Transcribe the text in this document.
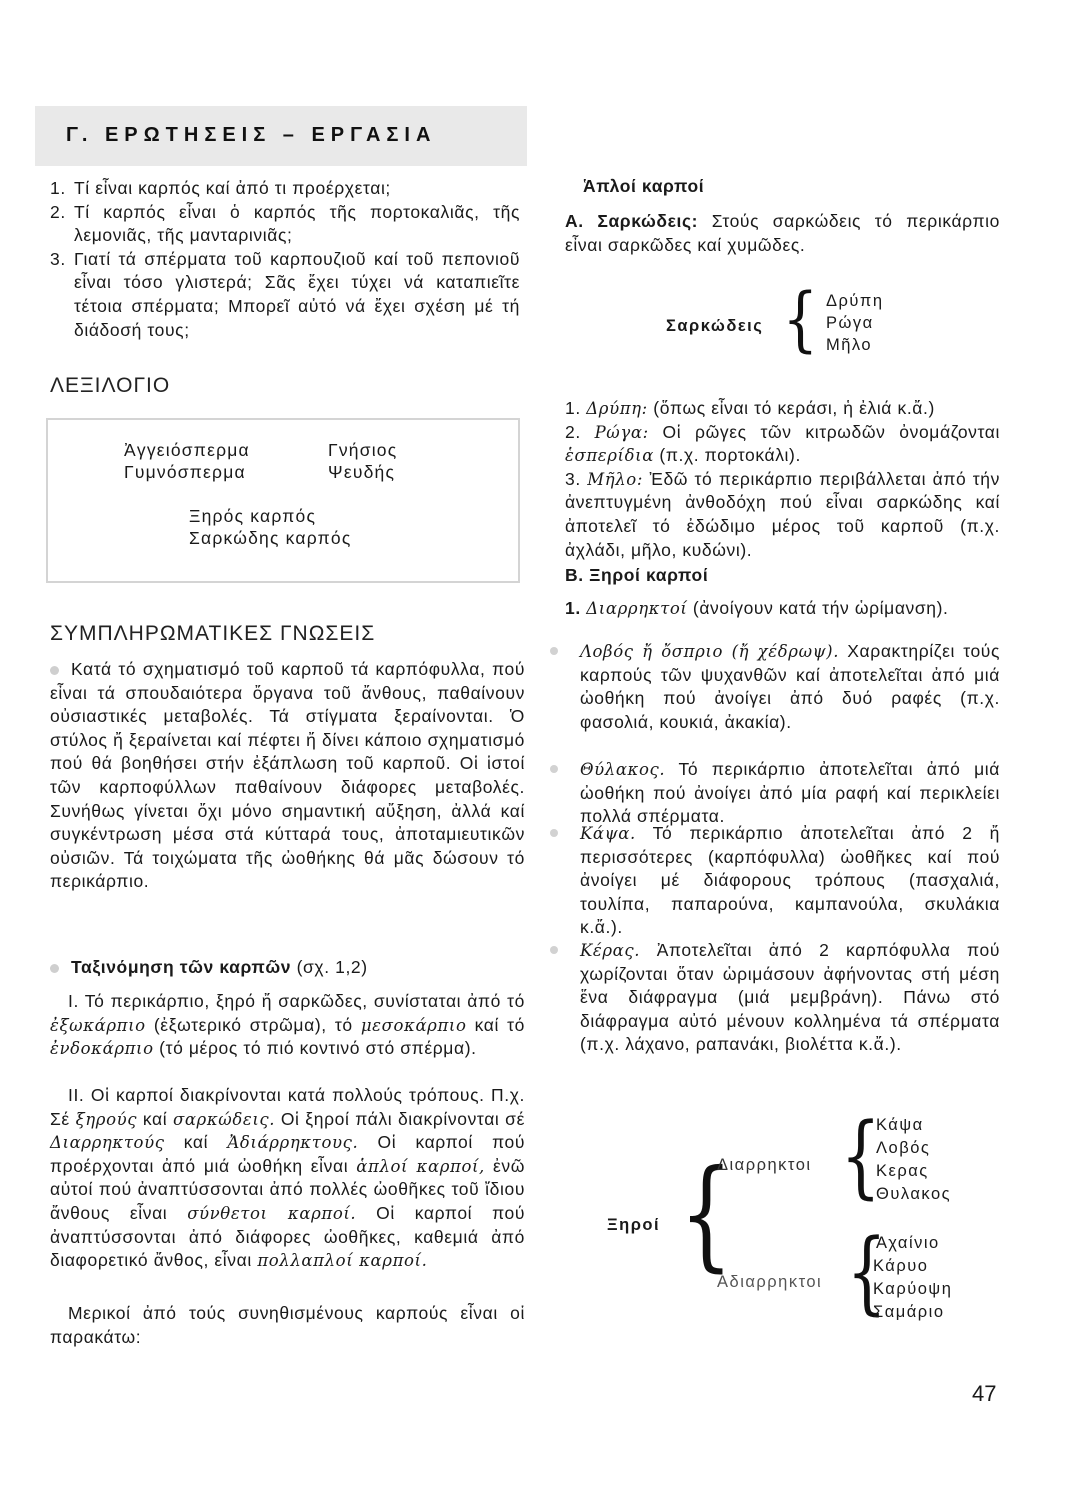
Γ. ΕΡΩΤΗΣΕΙΣ – ΕΡΓΑΣΙΑ
1. Τί εἶναι καρπός καί ἀπό τι προέρχεται;
2. Τί καρπός εἶναι ὁ καρπός τῆς πορτοκαλιᾶς, τῆς λεμονιᾶς, τῆς μανταρινιᾶς;
3. Γιατί τά σπέρματα τοῦ καρπουζιοῦ καί τοῦ πεπονιοῦ εἶναι τόσο γλιστερά; Σᾶς ἔχει τύχει νά καταπιεῖτε τέτοια σπέρματα; Μπορεῖ αὐτό νά ἔχει σχέση μέ τή διάδοσή τους;
ΛΕΞΙΛΟΓΙΟ
Ἀγγειόσπερμα
Γυμνόσπερμα
Γνήσιος
Ψευδής
Ξηρός καρπός
Σαρκώδης καρπός
ΣΥΜΠΛΗΡΩΜΑΤΙΚΕΣ ΓΝΩΣΕΙΣ
Κατά τό σχηματισμό τοῦ καρποῦ τά καρπόφυλλα, πού εἶναι τά σπουδαιότερα ὄργανα τοῦ ἄνθους, παθαίνουν οὐσιαστικές μεταβολές. Τά στίγματα ξεραίνονται. Ὁ στύλος ἤ ξεραίνεται καί πέφτει ἤ δίνει κάποιο σχηματισμό πού θά βοηθήσει στήν ἐξάπλωση τοῦ καρποῦ. Οἱ ἱστοί τῶν καρποφύλλων παθαίνουν διάφορες μεταβολές. Συνήθως γίνεται ὄχι μόνο σημαντική αὔξηση, ἀλλά καί συγκέντρωση μέσα στά κύτταρά τους, ἀποταμιευτικῶν οὐσιῶν. Τά τοιχώματα τῆς ὠοθήκης θά μᾶς δώσουν τό περικάρπιο.
Ταξινόμηση τῶν καρπῶν (σχ. 1,2)
Ι. Τό περικάρπιο, ξηρό ἤ σαρκῶδες, συνίσταται ἀπό τό ἐξωκάρπιο (ἐξωτερικό στρῶμα), τό μεσοκάρπιο καί τό ἐνδοκάρπιο (τό μέρος τό πιό κοντινό στό σπέρμα).
ΙΙ. Οἱ καρποί διακρίνονται κατά πολλούς τρόπους. Π.χ. Σέ ξηρούς καί σαρκώδεις. Οἱ ξηροί πάλι διακρίνονται σέ Διαρρηκτούς καί Ἀδιάρρηκτους. Οἱ καρποί πού προέρχονται ἀπό μιά ὠοθήκη εἶναι ἁπλοί καρποί, ἐνῶ αὐτοί πού ἀναπτύσσονται ἀπό πολλές ὠοθῆκες τοῦ ἴδιου ἄνθους εἶναι σύνθετοι καρποί. Οἱ καρποί πού ἀναπτύσσονται ἀπό διάφορες ὠοθῆκες, καθεμιά ἀπό διαφορετικό ἄνθος, εἶναι πολλαπλοί καρποί.
Μερικοί ἀπό τούς συνηθισμένους καρπούς εἶναι οἱ παρακάτω:
Ἁπλοί καρποί
Α. Σαρκώδεις: Στούς σαρκώδεις τό περικάρπιο εἶναι σαρκῶδες καί χυμῶδες.
Σαρκώδεις { Δρύπη
Ρώγα
Μῆλο
1. Δρύπη: (ὅπως εἶναι τό κεράσι, ἡ ἐλιά κ.ἄ.)
2. Ρώγα: Οἱ ρῶγες τῶν κιτρωδῶν ὀνομάζονται ἑσπερίδια (π.χ. πορτοκάλι).
3. Μῆλο: Ἐδῶ τό περικάρπιο περιβάλλεται ἀπό τήν ἀνεπτυγμένη ἀνθοδόχη πού εἶναι σαρκώδης καί ἀποτελεῖ τό ἐδώδιμο μέρος τοῦ καρποῦ (π.χ. ἀχλάδι, μῆλο, κυδώνι).
Β. Ξηροί καρποί
1. Διαρρηκτοί (ἀνοίγουν κατά τήν ὡρίμανση).
Λοβός ἤ ὄσπριο (ἤ χέδρωψ). Χαρακτηρίζει τούς καρπούς τῶν ψυχανθῶν καί ἀποτελεῖται ἀπό μιά ὠοθήκη πού ἀνοίγει ἀπό δυό ραφές (π.χ. φασολιά, κουκιά, ἀκακία).
Θύλακος. Τό περικάρπιο ἀποτελεῖται ἀπό μιά ὠοθήκη πού ἀνοίγει ἀπό μία ραφή καί περικλείει πολλά σπέρματα.
Κάψα. Τό περικάρπιο ἀποτελεῖται ἀπό 2 ἤ περισσότερες (καρπόφυλλα) ὠοθῆκες καί πού ἀνοίγει μέ διάφορους τρόπους (πασχαλιά, τουλίπα, παπαρούνα, καμπανούλα, σκυλάκια κ.ἄ.).
Κέρας. Ἀποτελεῖται ἀπό 2 καρπόφυλλα πού χωρίζονται ὅταν ὡριμάσουν ἀφήνοντας στή μέση ἕνα διάφραγμα (μιά μεμβράνη). Πάνω στό διάφραγμα αὐτό μένουν κολλημένα τά σπέρματα (π.χ. λάχανο, ραπανάκι, βιολέττα κ.ἄ.).
Ξηροί {
Διαρρηκτοι {
Κάψα
Λοβός
Κερας
Θυλακος
Αδιαρρηκτοι {
Αχαίνιο
Κάρυο
Καρύοψη
Σαμάριο
47
